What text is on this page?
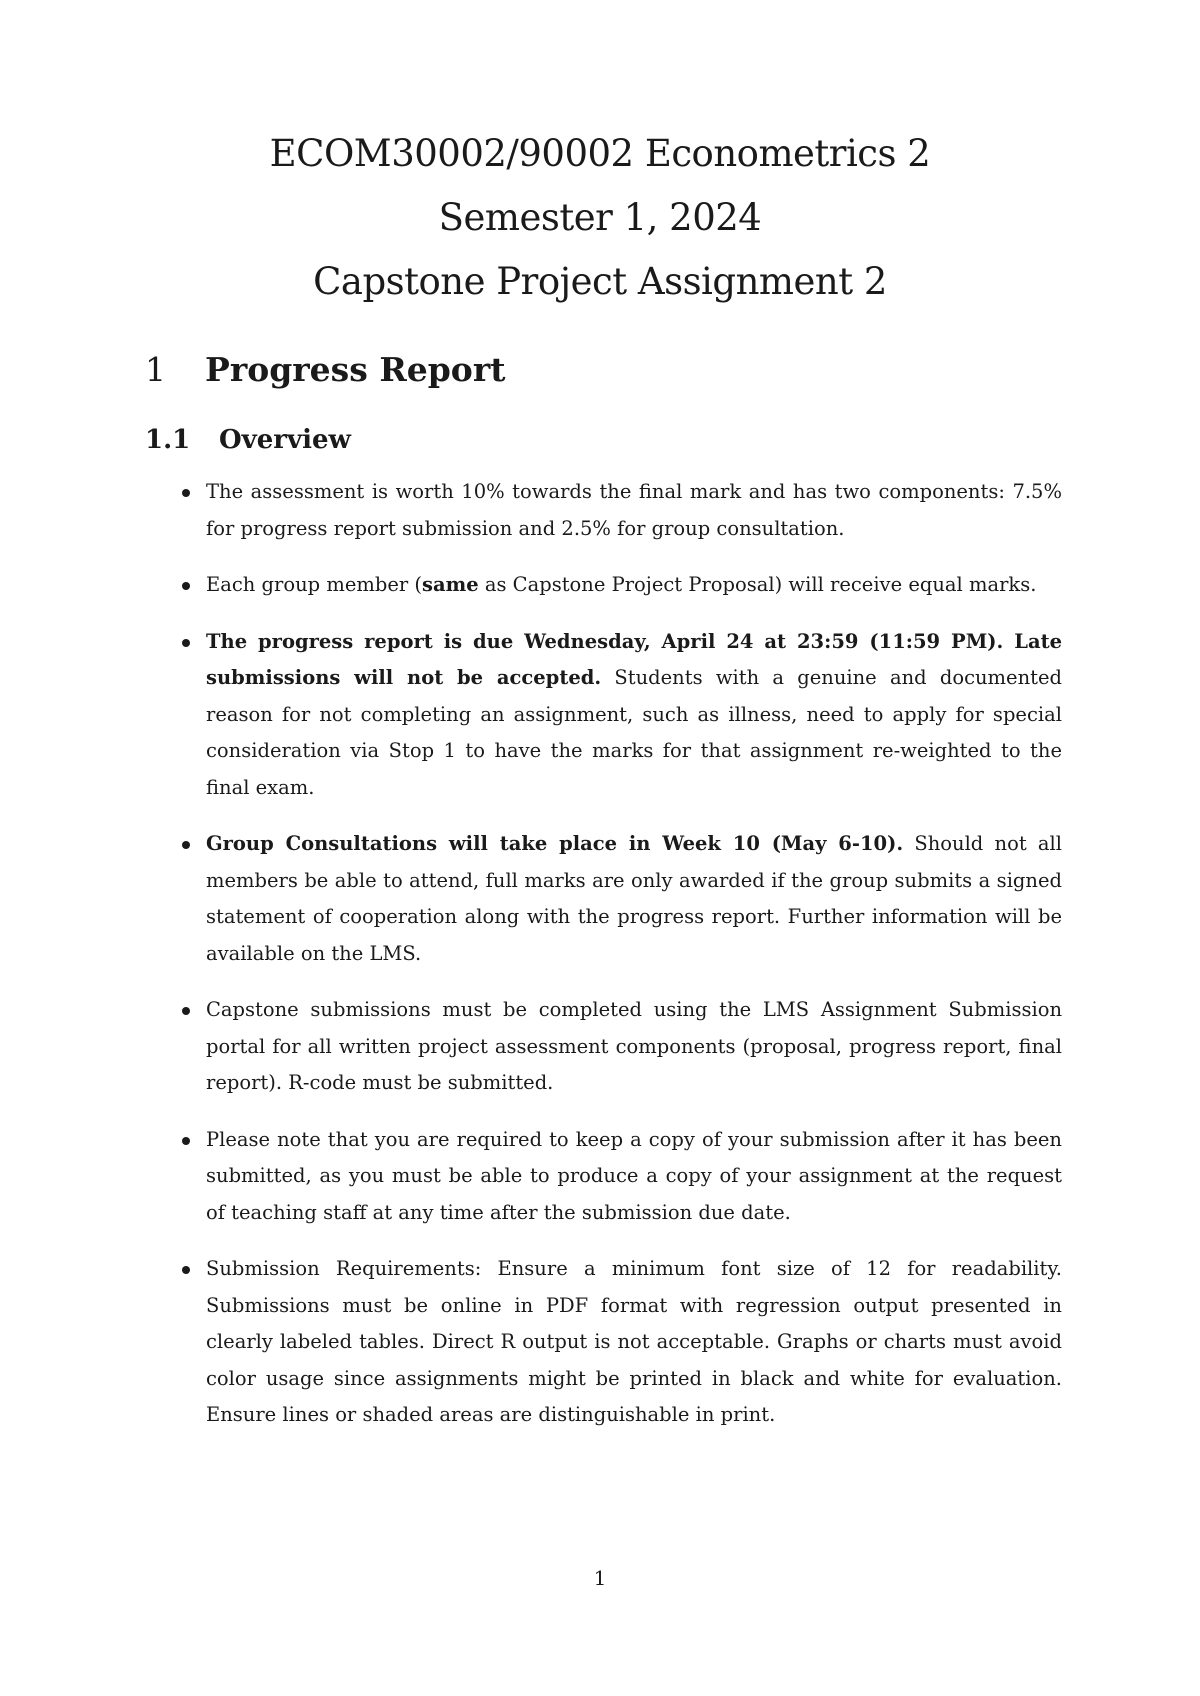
ECOM30002/90002 Econometrics 2
Semester 1, 2024
Capstone Project Assignment 2
1 Progress Report
1.1 Overview
The assessment is worth 10% towards the final mark and has two components: 7.5% for progress report submission and 2.5% for group consultation.
Each group member (same as Capstone Project Proposal) will receive equal marks.
The progress report is due Wednesday, April 24 at 23:59 (11:59 PM). Late submissions will not be accepted. Students with a genuine and documented reason for not completing an assignment, such as illness, need to apply for special consideration via Stop 1 to have the marks for that assignment re-weighted to the final exam.
Group Consultations will take place in Week 10 (May 6-10). Should not all members be able to attend, full marks are only awarded if the group submits a signed statement of cooperation along with the progress report. Further information will be available on the LMS.
Capstone submissions must be completed using the LMS Assignment Submission portal for all written project assessment components (proposal, progress report, final report). R-code must be submitted.
Please note that you are required to keep a copy of your submission after it has been submitted, as you must be able to produce a copy of your assignment at the request of teaching staff at any time after the submission due date.
Submission Requirements: Ensure a minimum font size of 12 for readability. Submissions must be online in PDF format with regression output presented in clearly labeled tables. Direct R output is not acceptable. Graphs or charts must avoid color usage since assignments might be printed in black and white for evaluation. Ensure lines or shaded areas are distinguishable in print.
1
